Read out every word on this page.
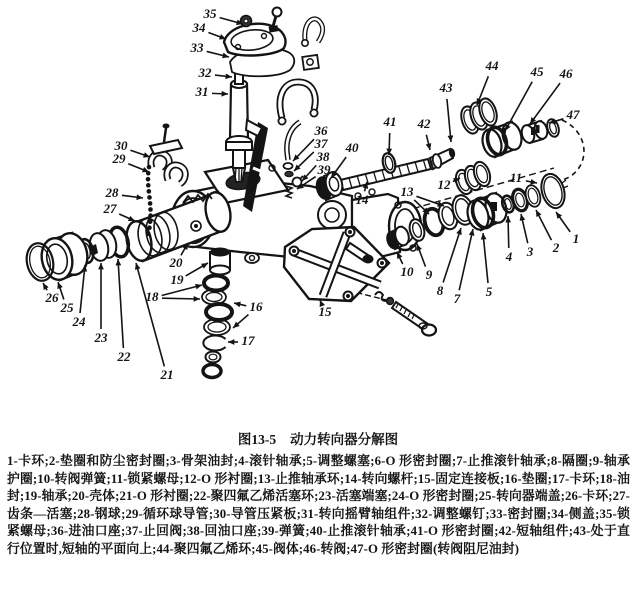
1
2
3
4
5
7
8
9
10
11
12
13
14
15
16
17
18
19
20
21
22
23
24
25
26
27
28
29
30
31
32
33
34
35
36
37
38
39
40
41 42
43
44 45 46
47
图13-5 动力转向器分解图

1-卡环;2-垫圈和防尘密封圈;3-骨架油封;4-滚针轴承;5-调整螺塞;6-O 形密封圈;7-止推滚针轴承;8-隔圈;9-轴承护圈;10-转阀弹簧;11-锁紧螺母;12-O 形衬圈;13-止推轴承环;14-转向螺杆;15-固定连接板;16-垫圈;17-卡环;18-油封;19-轴承;20-壳体;21-O 形衬圈;22-聚四氟乙烯活塞环;23-活塞端塞;24-O 形密封圈;25-转向器端盖;26-卡环;27-齿条—活塞;28-钢球;29-循环球导管;30-导管压紧板;31-转向摇臂轴组件;32-调整螺钉;33-密封圈;34-侧盖;35-锁紧螺母;36-进油口座;37-止回阀;38-回油口座;39-弹簧;40-止推滚针轴承;41-O 形密封圈;42-短轴组件;43-处于直行位置时,短轴的平面向上;44-聚四氟乙烯环;45-阀体;46-转阀;47-O 形密封圈(转阀阻尼油封)
